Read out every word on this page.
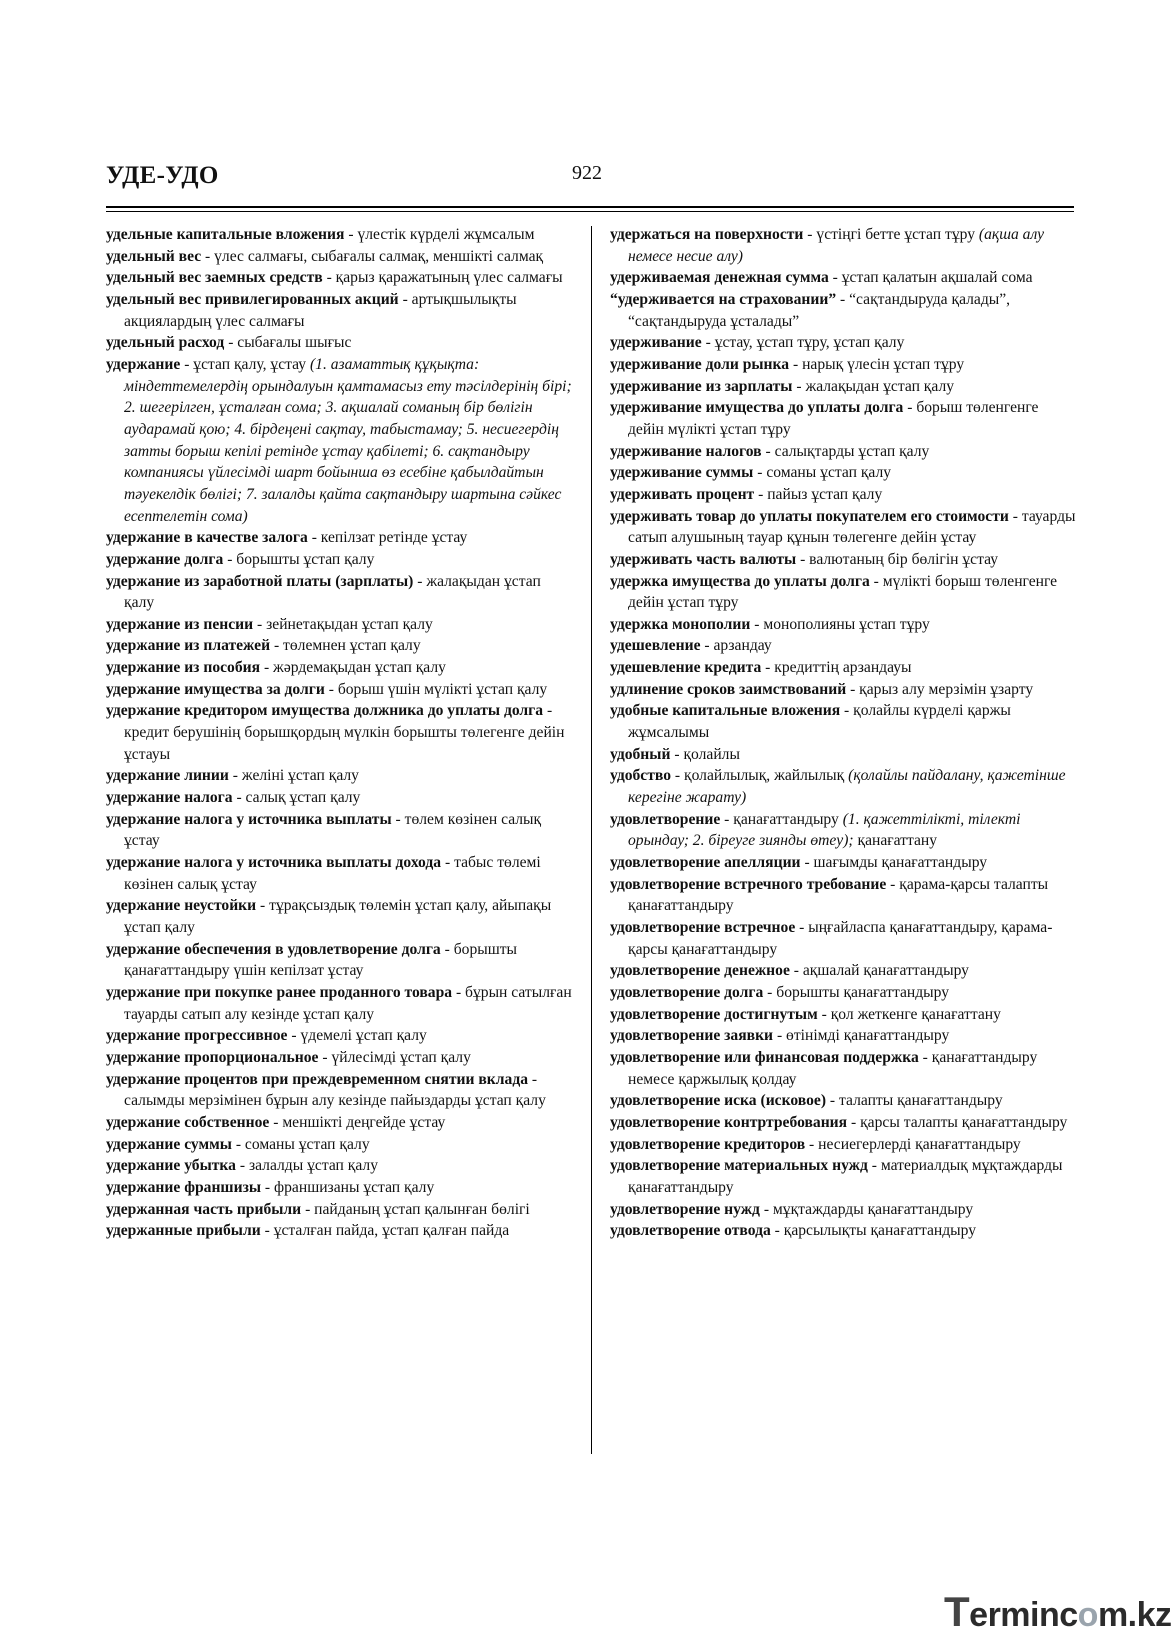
УДЕ-УДО	922
удельные капитальные вложения - үлестік күрделі жұмсалым
удельный вес - үлес салмағы, сыбағалы салмақ, меншікті салмақ
удельный вес заемных средств - қарыз қаражатының үлес салмағы
удельный вес привилегированных акций - артықшылықты акциялардың үлес салмағы
удельный расход - сыбағалы шығыс
удержание - ұстап қалу, ұстау (1. азаматтық құқықта: міндеттемелердің орындалуын қамтамасыз ету тәсілдерінің бірі; 2. шегерілген, ұсталған сома; 3. ақшалай соманың бір бөлігін аударамай қою; 4. бірдеңені сақтау, табыстамау; 5. несиегердің затты борыш кепілі ретінде ұстау қабілеті; 6. сақтандыру компаниясы үйлесімді шарт бойынша өз есебіне қабылдайтын тәуекелдік бөлігі; 7. залалды қайта сақтандыру шартына сәйкес есептелетін сома)
удержание в качестве залога - кепілзат ретінде ұстау
удержание долга - борышты ұстап қалу
удержание из заработной платы (зарплаты) - жалақыдан ұстап қалу
удержание из пенсии - зейнетақыдан ұстап қалу
удержание из платежей - төлемнен ұстап қалу
удержание из пособия - жәрдемақыдан ұстап қалу
удержание имущества за долги - борыш үшін мүлікті ұстап қалу
удержание кредитором имущества должника до уплаты долга - кредит берушінің борышқордың мүлкін борышты төлегенге дейін ұстауы
удержание линии - желіні ұстап қалу
удержание налога - салық ұстап қалу
удержание налога у источника выплаты - төлем көзінен салық ұстау
удержание налога у источника выплаты дохода - табыс төлемі көзінен салық ұстау
удержание неустойки - тұрақсыздық төлемін ұстап қалу, айыпақы ұстап қалу
удержание обеспечения в удовлетворение долга - борышты қанағаттандыру үшін кепілзат ұстау
удержание при покупке ранее проданного товара - бұрын сатылған тауарды сатып алу кезінде ұстап қалу
удержание прогрессивное - үдемелі ұстап қалу
удержание пропорциональное - үйлесімді ұстап қалу
удержание процентов при преждевременном снятии вклада - салымды мерзімінен бұрын алу кезінде пайыздарды ұстап қалу
удержание собственное - меншікті деңгейде ұстау
удержание суммы - соманы ұстап қалу
удержание убытка - залалды ұстап қалу
удержание франшизы - франшизаны ұстап қалу
удержанная часть прибыли - пайданың ұстап қалынған бөлігі
удержанные прибыли - ұсталған пайда, ұстап қалған пайда
удержаться на поверхности - үстіңгі бетте ұстап тұру (ақша алу немесе несие алу)
удерживаемая денежная сумма - ұстап қалатын ақшалай сома
“удерживается на страховании” - “сақтандыруда қалады”, “сақтандыруда ұсталады”
удерживание - ұстау, ұстап тұру, ұстап қалу
удерживание доли рынка - нарық үлесін ұстап тұру
удерживание из зарплаты - жалақыдан ұстап қалу
удерживание имущества до уплаты долга - борыш төленгенге дейін мүлікті ұстап тұру
удерживание налогов - салықтарды ұстап қалу
удерживание суммы - соманы ұстап қалу
удерживать процент - пайыз ұстап қалу
удерживать товар до уплаты покупателем его стоимости - тауарды сатып алушының тауар құнын төлегенге дейін ұстау
удерживать часть валюты - валютаның бір бөлігін ұстау
удержка имущества до уплаты долга - мүлікті борыш төленгенге дейін ұстап тұру
удержка монополии - монополияны ұстап тұру
удешевление - арзандау
удешевление кредита - кредиттің арзандауы
удлинение сроков заимствований - қарыз алу мерзімін ұзарту
удобные капитальные вложения - қолайлы күрделі қаржы жұмсалымы
удобный - қолайлы
удобство - қолайлылық, жайлылық (қолайлы пайдалану, қажетінше керегіне жарату)
удовлетворение - қанағаттандыру (1. қажеттілікті, тілекті орындау; 2. біреуге зиянды өтеу); қанағаттану
удовлетворение апелляции - шағымды қанағаттандыру
удовлетворение встречного требование - қарама-қарсы талапты қанағаттандыру
удовлетворение встречное - ыңғайласпа қанағаттандыру, қарама-қарсы қанағаттандыру
удовлетворение денежное - ақшалай қанағаттандыру
удовлетворение долга - борышты қанағаттандыру
удовлетворение достигнутым - қол жеткенге қанағаттану
удовлетворение заявки - өтінімді қанағаттандыру
удовлетворение или финансовая поддержка - қанағаттандыру немесе қаржылық қолдау
удовлетворение иска (исковое) - талапты қанағаттандыру
удовлетворение контртребования - қарсы талапты қанағаттандыру
удовлетворение кредиторов - несиегерлерді қанағаттандыру
удовлетворение материальных нужд - материалдық мұқтаждарды қанағаттандыру
удовлетворение нужд - мұқтаждарды қанағаттандыру
удовлетворение отвода - қарсылықты қанағаттандыру
Termincom.kz
